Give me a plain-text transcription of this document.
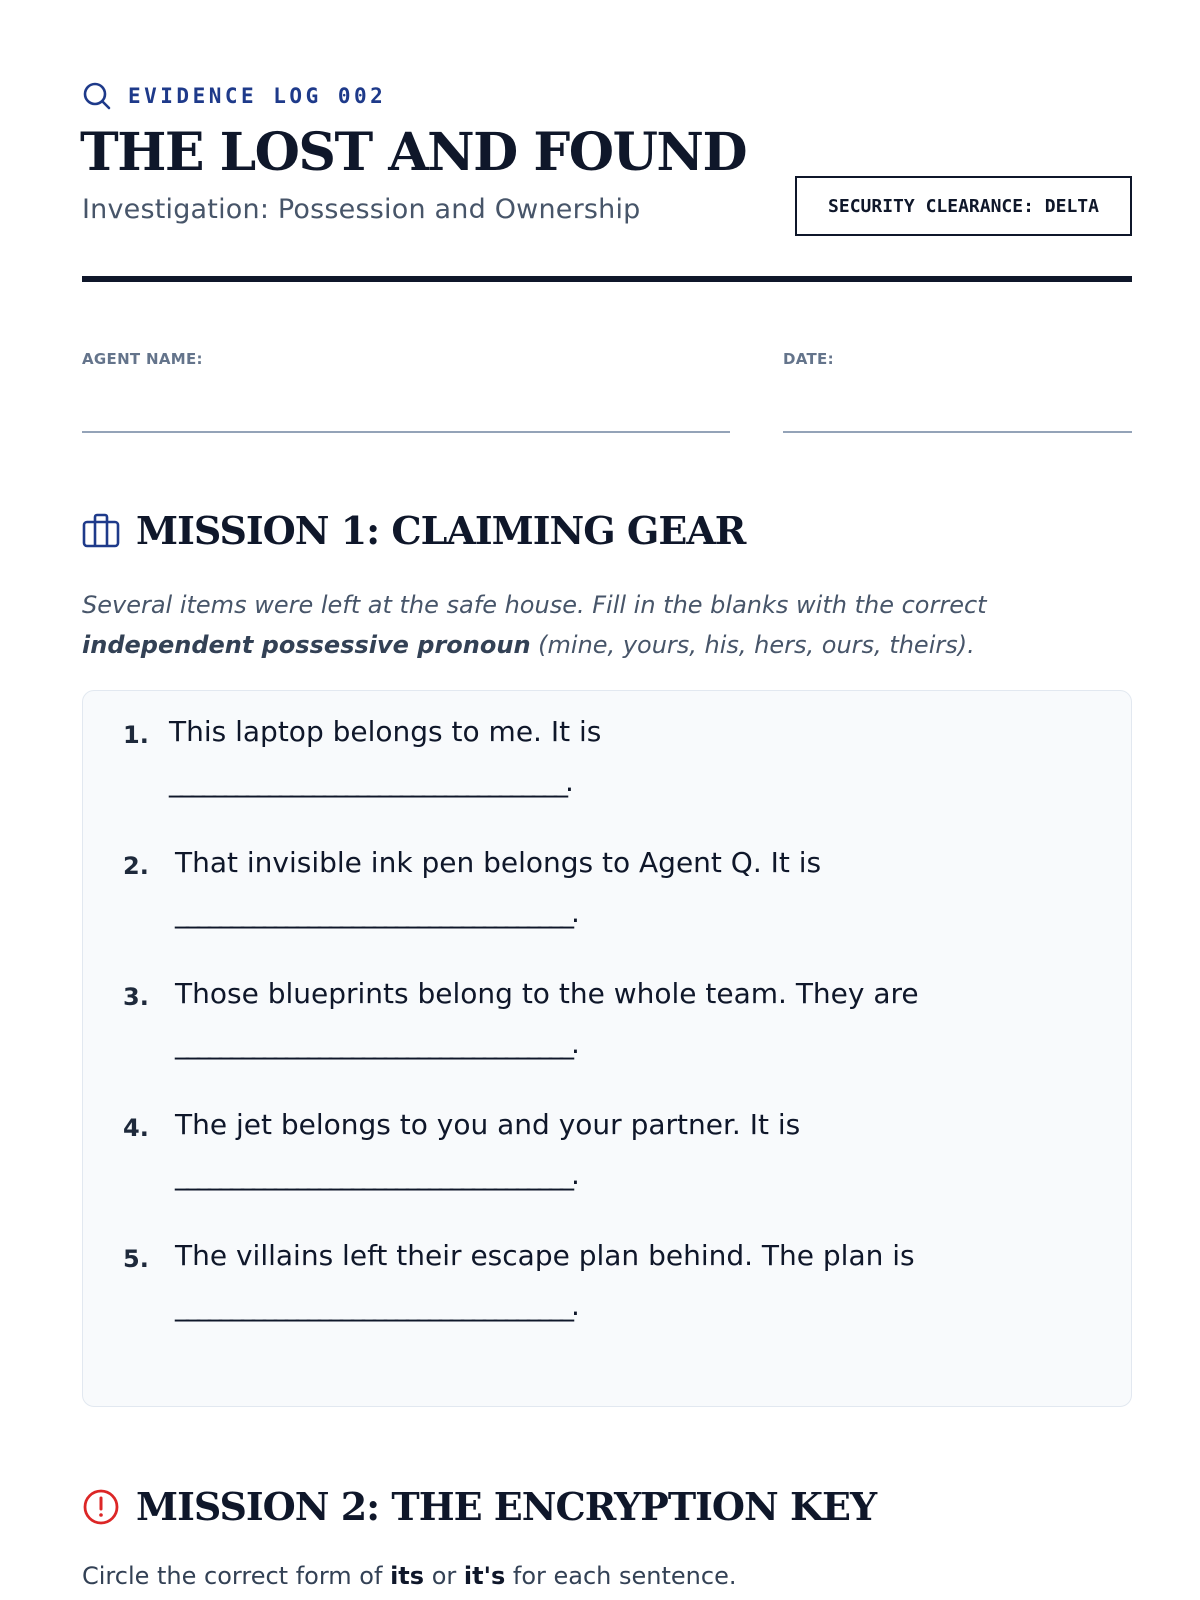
EVIDENCE LOG 002
THE LOST AND FOUND
Investigation: Possession and Ownership	SECURITY CLEARANCE: DELTA
AGENT NAME:	DATE:
MISSION 1: CLAIMING GEAR
Several items were left at the safe house. Fill in the blanks with the correct
independent possessive pronoun (mine, yours, his, hers, ours, theirs).
1. This laptop belongs to me. It is
____________________________________.
2. That invisible ink pen belongs to Agent Q. It is
____________________________________.
3. Those blueprints belong to the whole team. They are
____________________________________.
4. The jet belongs to you and your partner. It is
____________________________________.
5. The villains left their escape plan behind. The plan is
____________________________________.
MISSION 2: THE ENCRYPTION KEY
Circle the correct form of its or it's for each sentence.
